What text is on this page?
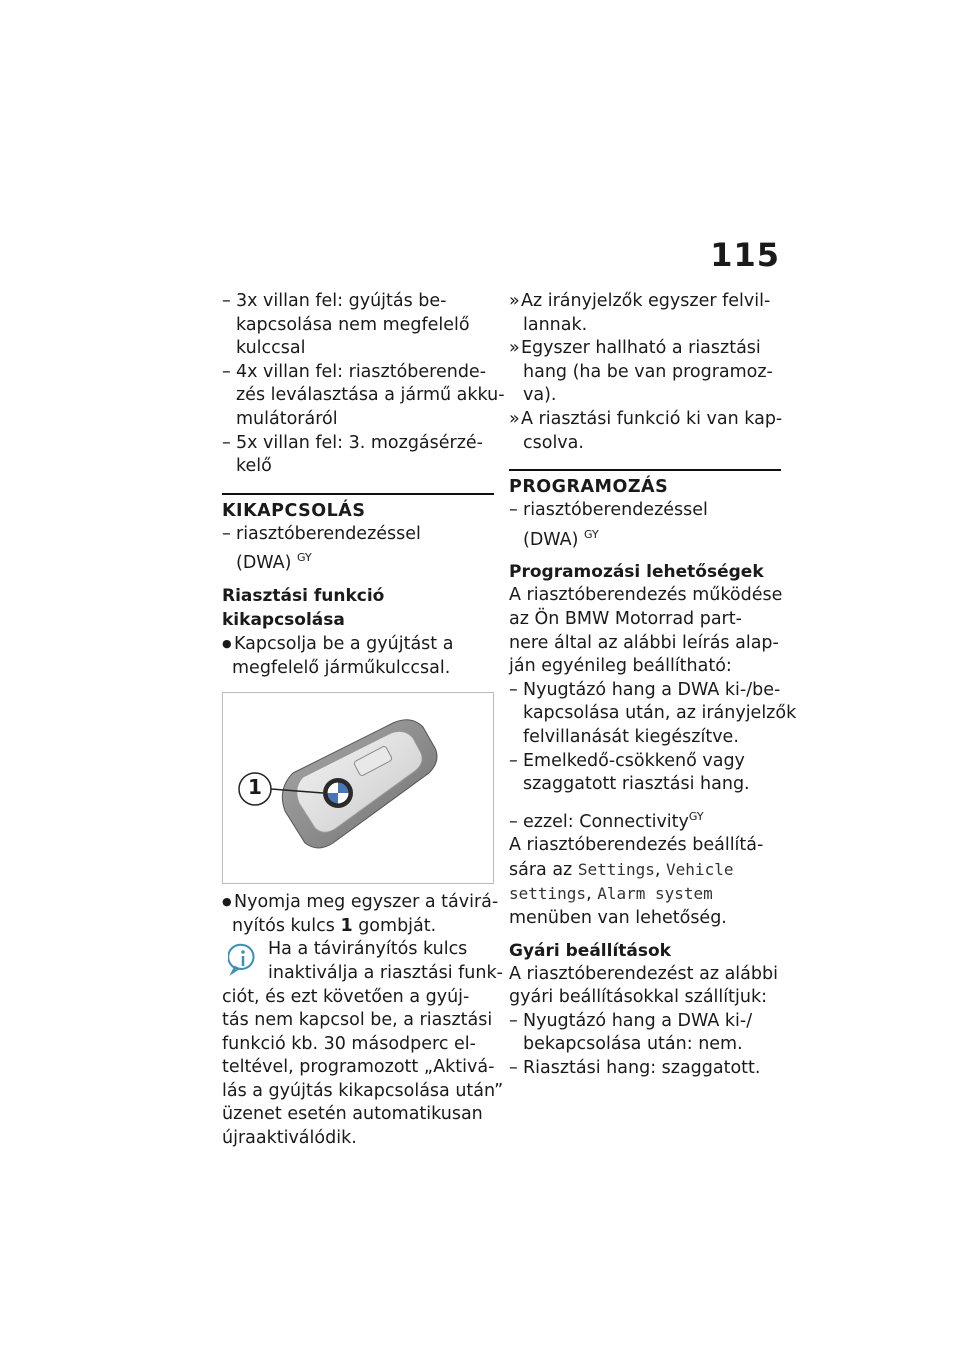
115
– 3x villan fel: gyújtás be-
kapcsolása nem megfelelő
kulccsal
– 4x villan fel: riasztóberende-
zés leválasztása a jármű akku-
mulátoráról
– 5x villan fel: 3. mozgásérzé-
kelő
KIKAPCSOLÁS
– riasztóberendezéssel
(DWA) $^{GY}$
Riasztási funkció kikapcsolása
● Kapcsolja be a gyújtást a
megfelelő járműkulccsal.
1
● Nyomja meg egyszer a távirá-
nyítós kulcs 1 gombját.
Ha a távirányítós kulcs
inaktiválja a riasztási funk-
ciót, és ezt követően a gyúj-
tás nem kapcsol be, a riasztási
funkció kb. 30 másodperc el-
teltével, programozott „Aktivá-
lás a gyújtás kikapcsolása után”
üzenet esetén automatikusan
újraaktiválódik.
» Az irányjelzők egyszer felvil-
lannak.
» Egyszer hallható a riasztási
hang (ha be van programoz-
va).
» A riasztási funkció ki van kap-
csolva.
PROGRAMOZÁS
– riasztóberendezéssel
(DWA) $^{GY}$
Programozási lehetőségek
A riasztóberendezés működése
az Ön BMW Motorrad part-
nere által az alábbi leírás alap-
ján egyénileg beállítható:
– Nyugtázó hang a DWA ki-/be-
kapcsolása után, az irányjelzők
felvillanását kiegészítve.
– Emelkedő-csökkenő vagy
szaggatott riasztási hang.
– ezzel: Connectivity$^{GY}$
A riasztóberendezés beállítá-
sára az Settings, Vehicle
settings, Alarm system
menüben van lehetőség.
Gyári beállítások
A riasztóberendezést az alábbi
gyári beállításokkal szállítjuk:
– Nyugtázó hang a DWA ki-/
bekapcsolása után: nem.
– Riasztási hang: szaggatott.
